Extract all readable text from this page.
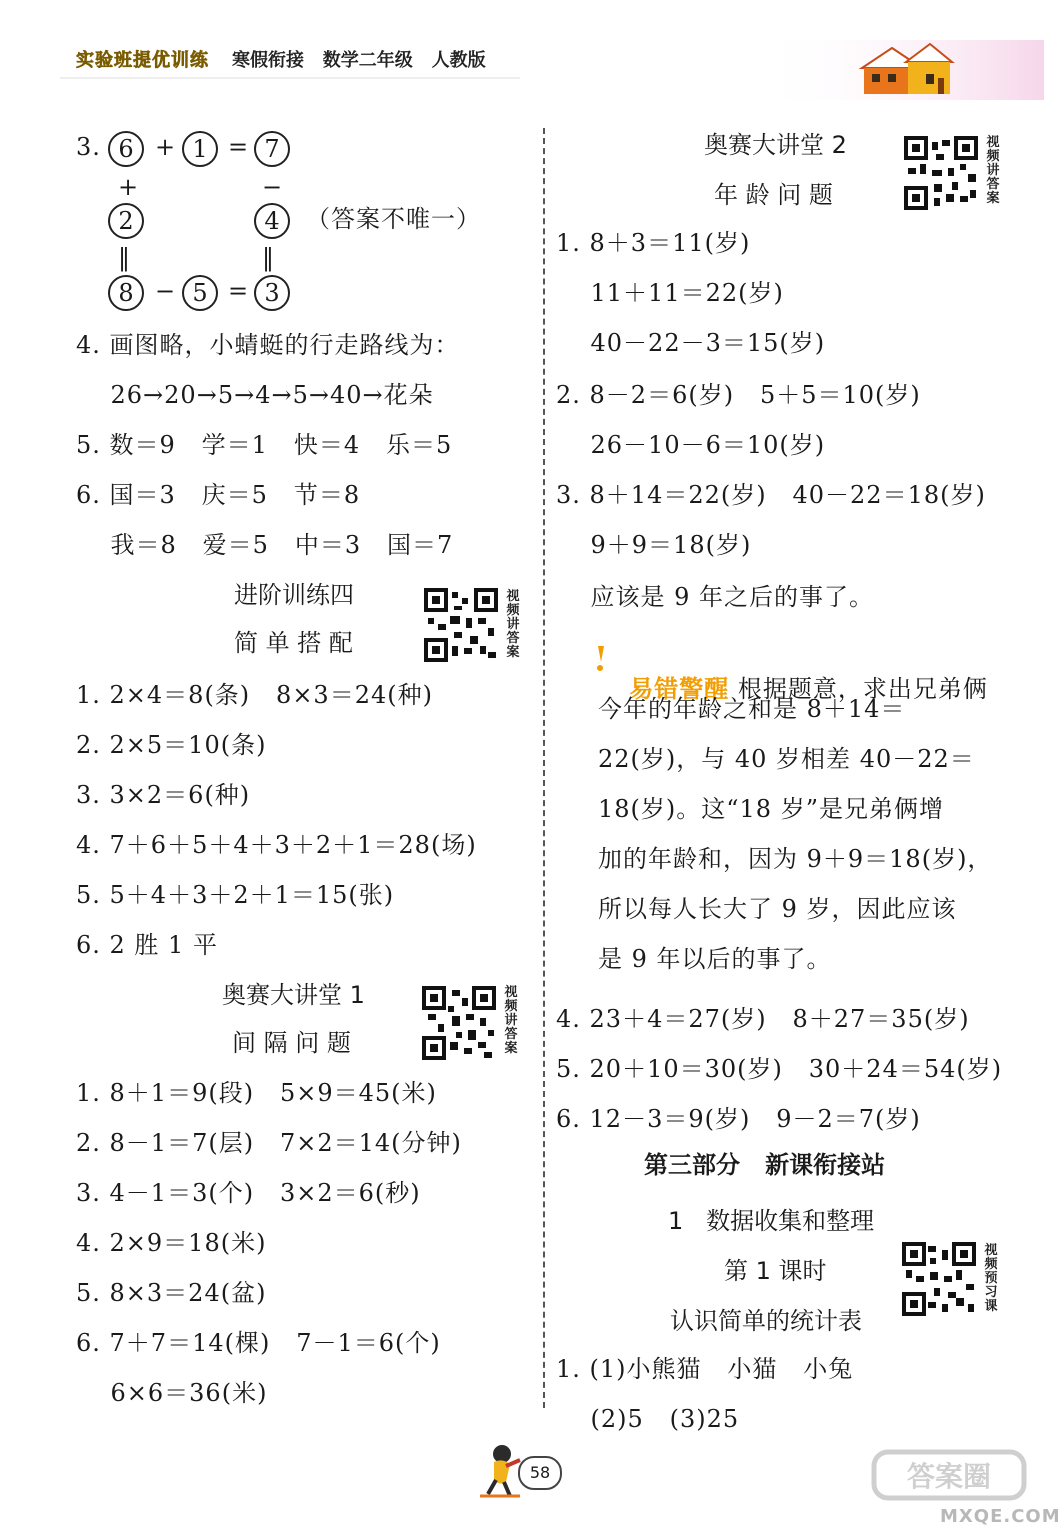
实验班提优训练 寒假衔接   数学二年级   人教版
3. 6 + 1 = 7
+	−
2	4	（答案不唯一）
‖	‖
8 − 5 = 3
4. 画图略，小蜻蜓的行走路线为：
26→20→5→4→5→40→花朵
5. 数＝9   学＝1   快＝4   乐＝5
6. 国＝3   庆＝5   节＝8
我＝8   爱＝5   中＝3   国＝7
进阶训练四
简 单 搭 配
视频讲答案
1. 2×4＝8(条)   8×3＝24(种)
2. 2×5＝10(条)
3. 3×2＝6(种)
4. 7＋6＋5＋4＋3＋2＋1＝28(场)
5. 5＋4＋3＋2＋1＝15(张)
6. 2 胜 1 平
奥赛大讲堂 1
间 隔 问 题
视频讲答案
1. 8＋1＝9(段)   5×9＝45(米)
2. 8－1＝7(层)   7×2＝14(分钟)
3. 4－1＝3(个)   3×2＝6(秒)
4. 2×9＝18(米)
5. 8×3＝24(盆)
6. 7＋7＝14(棵)   7－1＝6(个)
6×6＝36(米)
奥赛大讲堂 2
年 龄 问 题
视频讲答案
1. 8＋3＝11(岁)
11＋11＝22(岁)
40－22－3＝15(岁)
2. 8－2＝6(岁)   5＋5＝10(岁)
26－10－6＝10(岁)
3. 8＋14＝22(岁)   40－22＝18(岁)
9＋9＝18(岁)
应该是 9 年之后的事了。

易错警醒 根据题意，求出兄弟俩

今年的年龄之和是 8＋14＝
22(岁)，与 40 岁相差 40－22＝
18(岁)。这“18 岁”是兄弟俩增
加的年龄和，因为 9＋9＝18(岁)，
所以每人长大了 9 岁，因此应该
是 9 年以后的事了。
4. 23＋4＝27(岁)   8＋27＝35(岁)
5. 20＋10＝30(岁)   30＋24＝54(岁)
6. 12－3＝9(岁)   9－2＝7(岁)
第三部分   新课衔接站
1   数据收集和整理
第 1 课时
认识简单的统计表
视频预习课
1. (1)小熊猫   小猫   小兔
(2)5   (3)25
58	答案圈
MXQE.COM
